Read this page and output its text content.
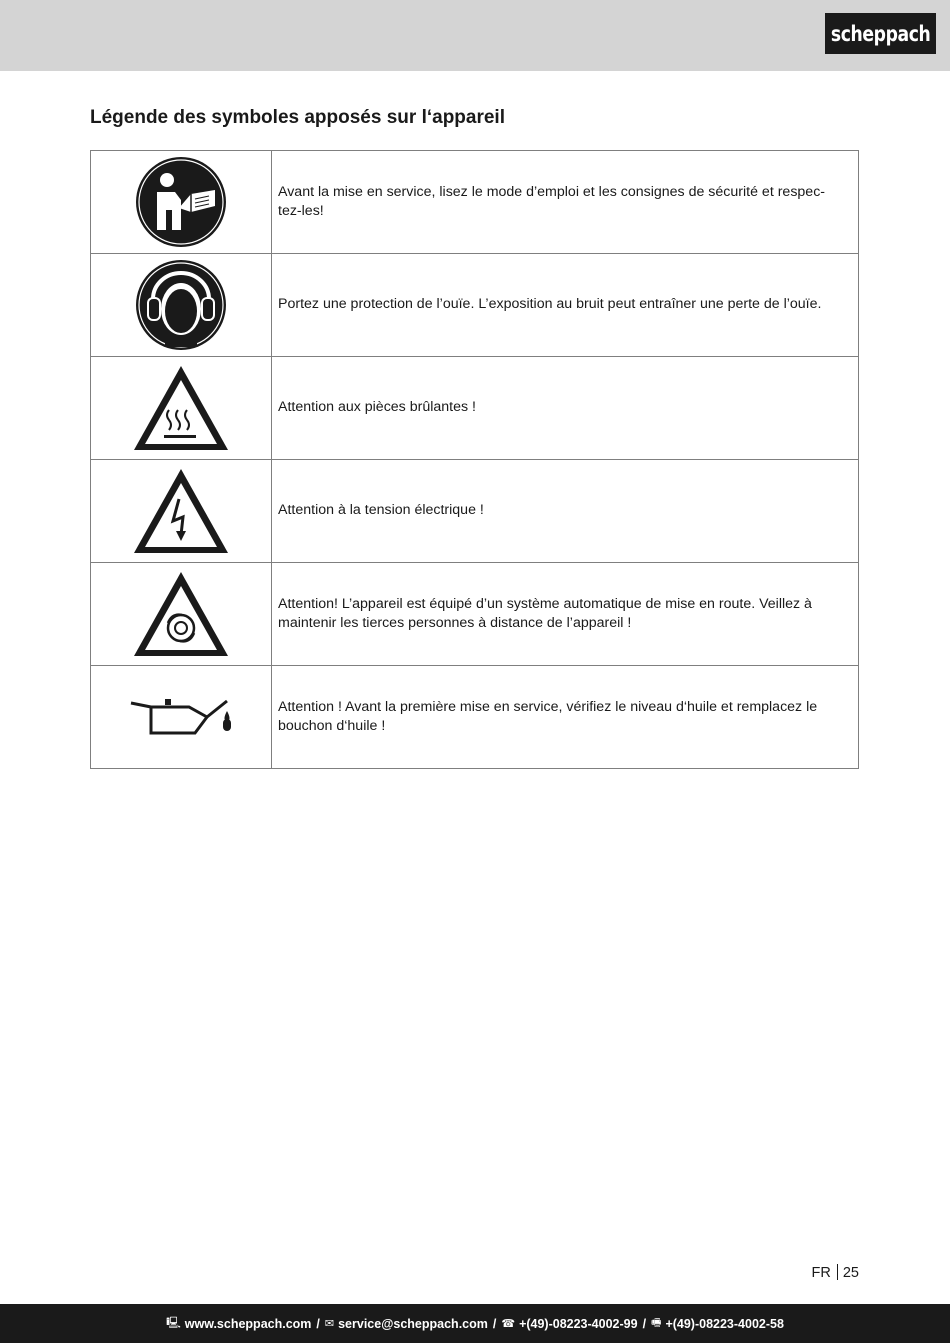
scheppach
Légende des symboles apposés sur l‘appareil
	Avant la mise en service, lisez le mode d’emploi et les consignes de sécurité et respec-tez-les!

	Portez une protection de l’ouïe. L’exposition au bruit peut entraîner une perte de l’ouïe.

	Attention aux pièces brûlantes !

	Attention à la tension électrique !

	Attention! L’appareil est équipé d’un système automatique de mise en route. Veillez à maintenir les tierces personnes à distance de l’appareil !

	Attention ! Avant la première mise en service, vérifiez le niveau d‘huile et remplacez le bouchon d‘huile !
FR 25
🖳 www.scheppach.com / ✉ service@scheppach.com / ☎ +(49)-08223-4002-99 / 🖷 +(49)-08223-4002-58
